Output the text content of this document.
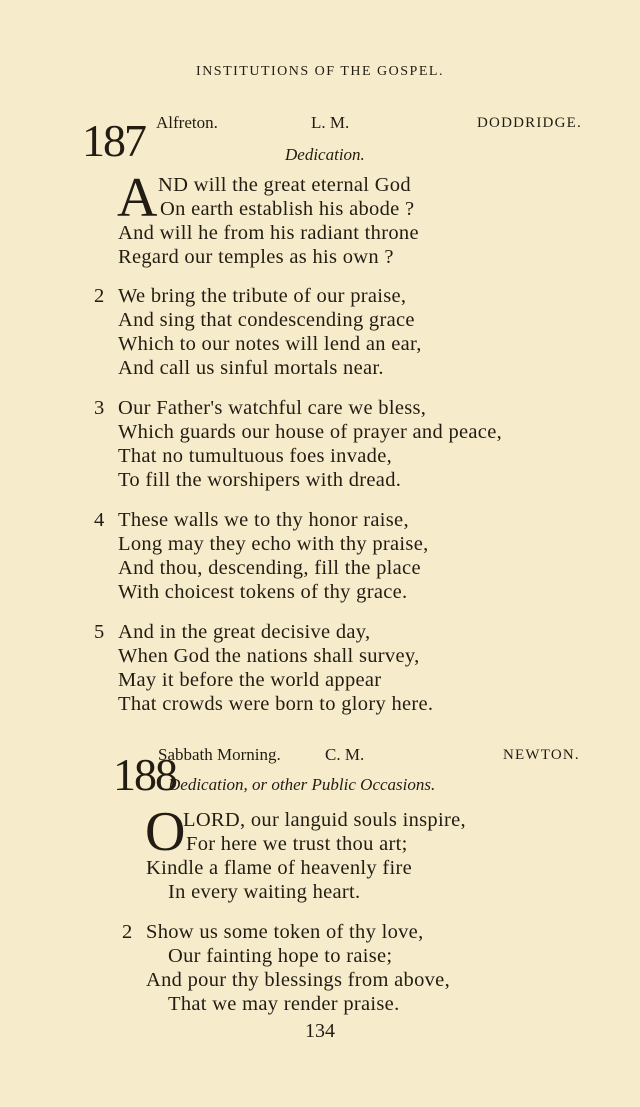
INSTITUTIONS OF THE GOSPEL.
187 Alfreton.	L. M.	DODDRIDGE.
Dedication.
A ND will the great eternal God
On earth establish his abode ?
And will he from his radiant throne
Regard our temples as his own ?
2 We bring the tribute of our praise,
And sing that condescending grace
Which to our notes will lend an ear,
And call us sinful mortals near.
3 Our Father's watchful care we bless,
Which guards our house of prayer and peace,
That no tumultuous foes invade,
To fill the worshipers with dread.
4 These walls we to thy honor raise,
Long may they echo with thy praise,
And thou, descending, fill the place
With choicest tokens of thy grace.
5 And in the great decisive day,
When God the nations shall survey,
May it before the world appear
That crowds were born to glory here.
188
Sabbath Morning.	C. M.	NEWTON.
Dedication, or other Public Occasions.
O
LORD, our languid souls inspire,
For here we trust thou art;
Kindle a flame of heavenly fire
In every waiting heart.
2 Show us some token of thy love,
Our fainting hope to raise;
And pour thy blessings from above,
That we may render praise.
134
